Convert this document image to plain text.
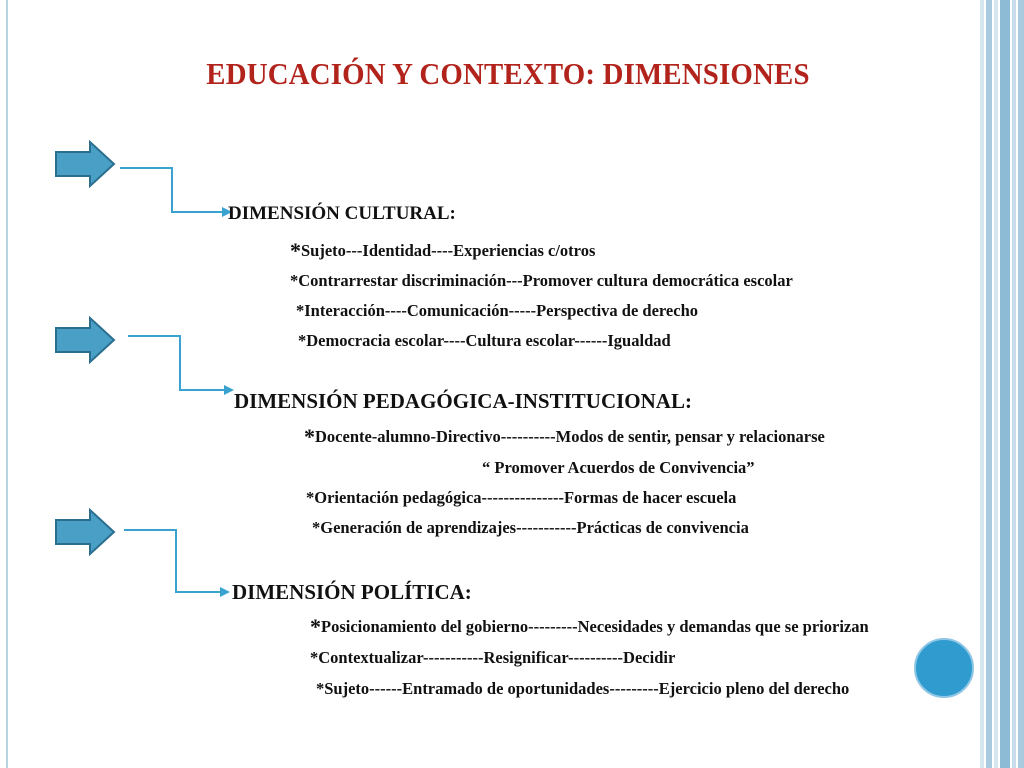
EDUCACIÓN Y CONTEXTO: DIMENSIONES
DIMENSIÓN CULTURAL:
*Sujeto---Identidad----Experiencias c/otros
*Contrarrestar discriminación---Promover cultura democrática escolar
*Interacción----Comunicación-----Perspectiva de derecho
*Democracia escolar----Cultura escolar------Igualdad
DIMENSIÓN PEDAGÓGICA-INSTITUCIONAL:
*Docente-alumno-Directivo----------Modos de sentir, pensar y relacionarse
“ Promover Acuerdos de Convivencia”
*Orientación pedagógica---------------Formas de hacer escuela
*Generación de aprendizajes-----------Prácticas de convivencia
DIMENSIÓN POLÍTICA:
*Posicionamiento del gobierno---------Necesidades y demandas que se priorizan
*Contextualizar-----------Resignificar----------Decidir
*Sujeto------Entramado de oportunidades---------Ejercicio pleno del derecho
